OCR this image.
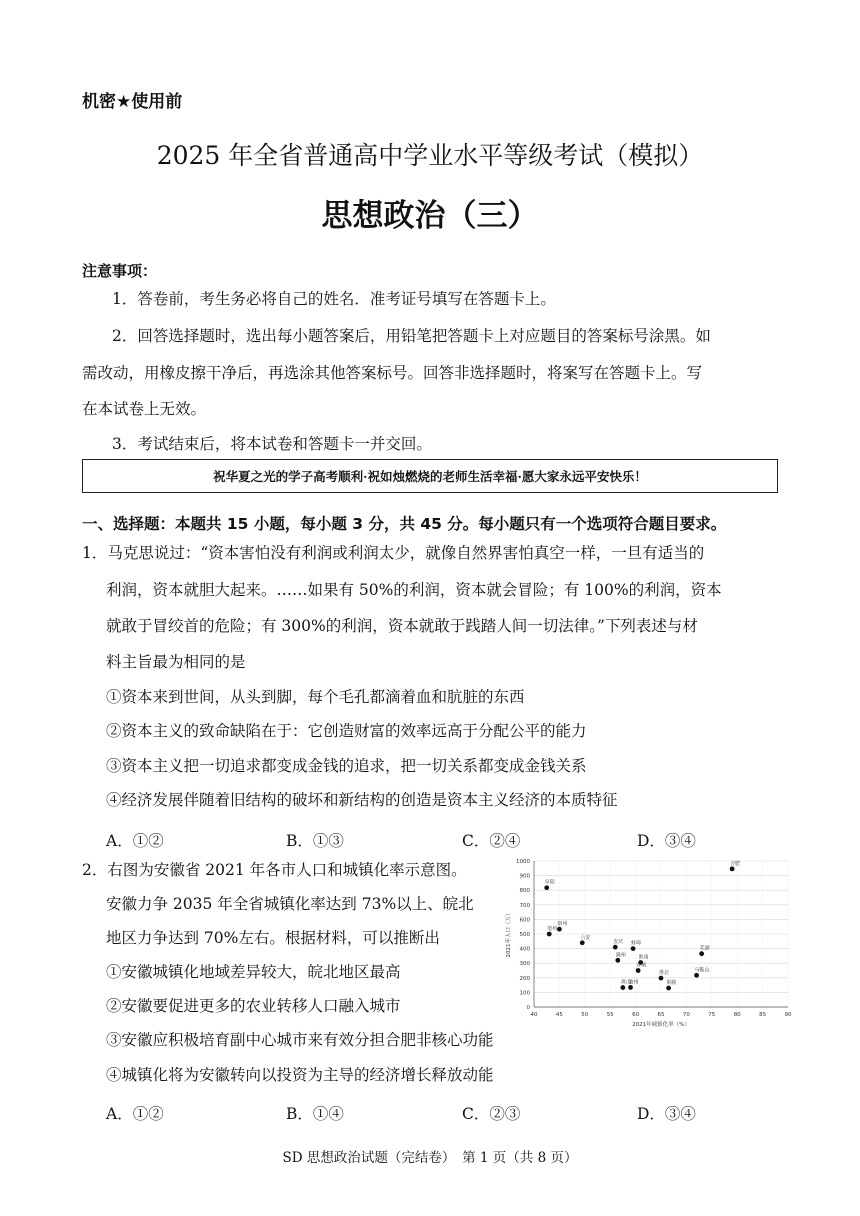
机密★使用前
2025 年全省普通高中学业水平等级考试（模拟）
思想政治（三）
注意事项：
1．答卷前，考生务必将自己的姓名．准考证号填写在答题卡上。
2．回答选择题时，选出每小题答案后，用铅笔把答题卡上对应题目的答案标号涂黑。如
需改动，用橡皮擦干净后，再选涂其他答案标号。回答非选择题时，将案写在答题卡上。写
在本试卷上无效。
3．考试结束后，将本试卷和答题卡一并交回。
祝华夏之光的学子高考顺利·祝如烛燃烧的老师生活幸福·愿大家永远平安快乐！
一、选择题：本题共 15 小题，每小题 3 分，共 45 分。每小题只有一个选项符合题目要求。
1．马克思说过：“资本害怕没有利润或利润太少，就像自然界害怕真空一样，一旦有适当的
利润，资本就胆大起来。……如果有 50%的利润，资本就会冒险；有 100%的利润，资本
就敢于冒绞首的危险；有 300%的利润，资本就敢于践踏人间一切法律。”下列表述与材
料主旨最为相同的是
①资本来到世间，从头到脚，每个毛孔都滴着血和肮脏的东西
②资本主义的致命缺陷在于：它创造财富的效率远高于分配公平的能力
③资本主义把一切追求都变成金钱的追求，把一切关系都变成金钱关系
④经济发展伴随着旧结构的破坏和新结构的创造是资本主义经济的本质特征
A．①②	B．①③	C．②④	D．③④
2．右图为安徽省 2021 年各市人口和城镇化率示意图。
安徽力争 2035 年全省城镇化率达到 73%以上、皖北
地区力争达到 70%左右。根据材料，可以推断出
①安徽城镇化地域差异较大，皖北地区最高
②安徽要促进更多的农业转移人口融入城市
③安徽应积极培育副中心城市来有效分担合肥非核心功能
④城镇化将为安徽转向以投资为主导的经济增长释放动能
A．①②	B．①④	C．②③	D．③④
0
100
200
300
400
500
600
700
800
900
1000
40	45	50	55	60	65	70	75	80	85	90
2021年城镇化率（%）
2021年人口（万）
合肥
阜阳
亳州
宿州
六安
蚌埠
安庆
滁州	淮南
宣城
芜湖
马鞍山
淮北
铜陵
池州
黄山
SD 思想政治试题（完结卷）　第 1 页（共 8 页）
